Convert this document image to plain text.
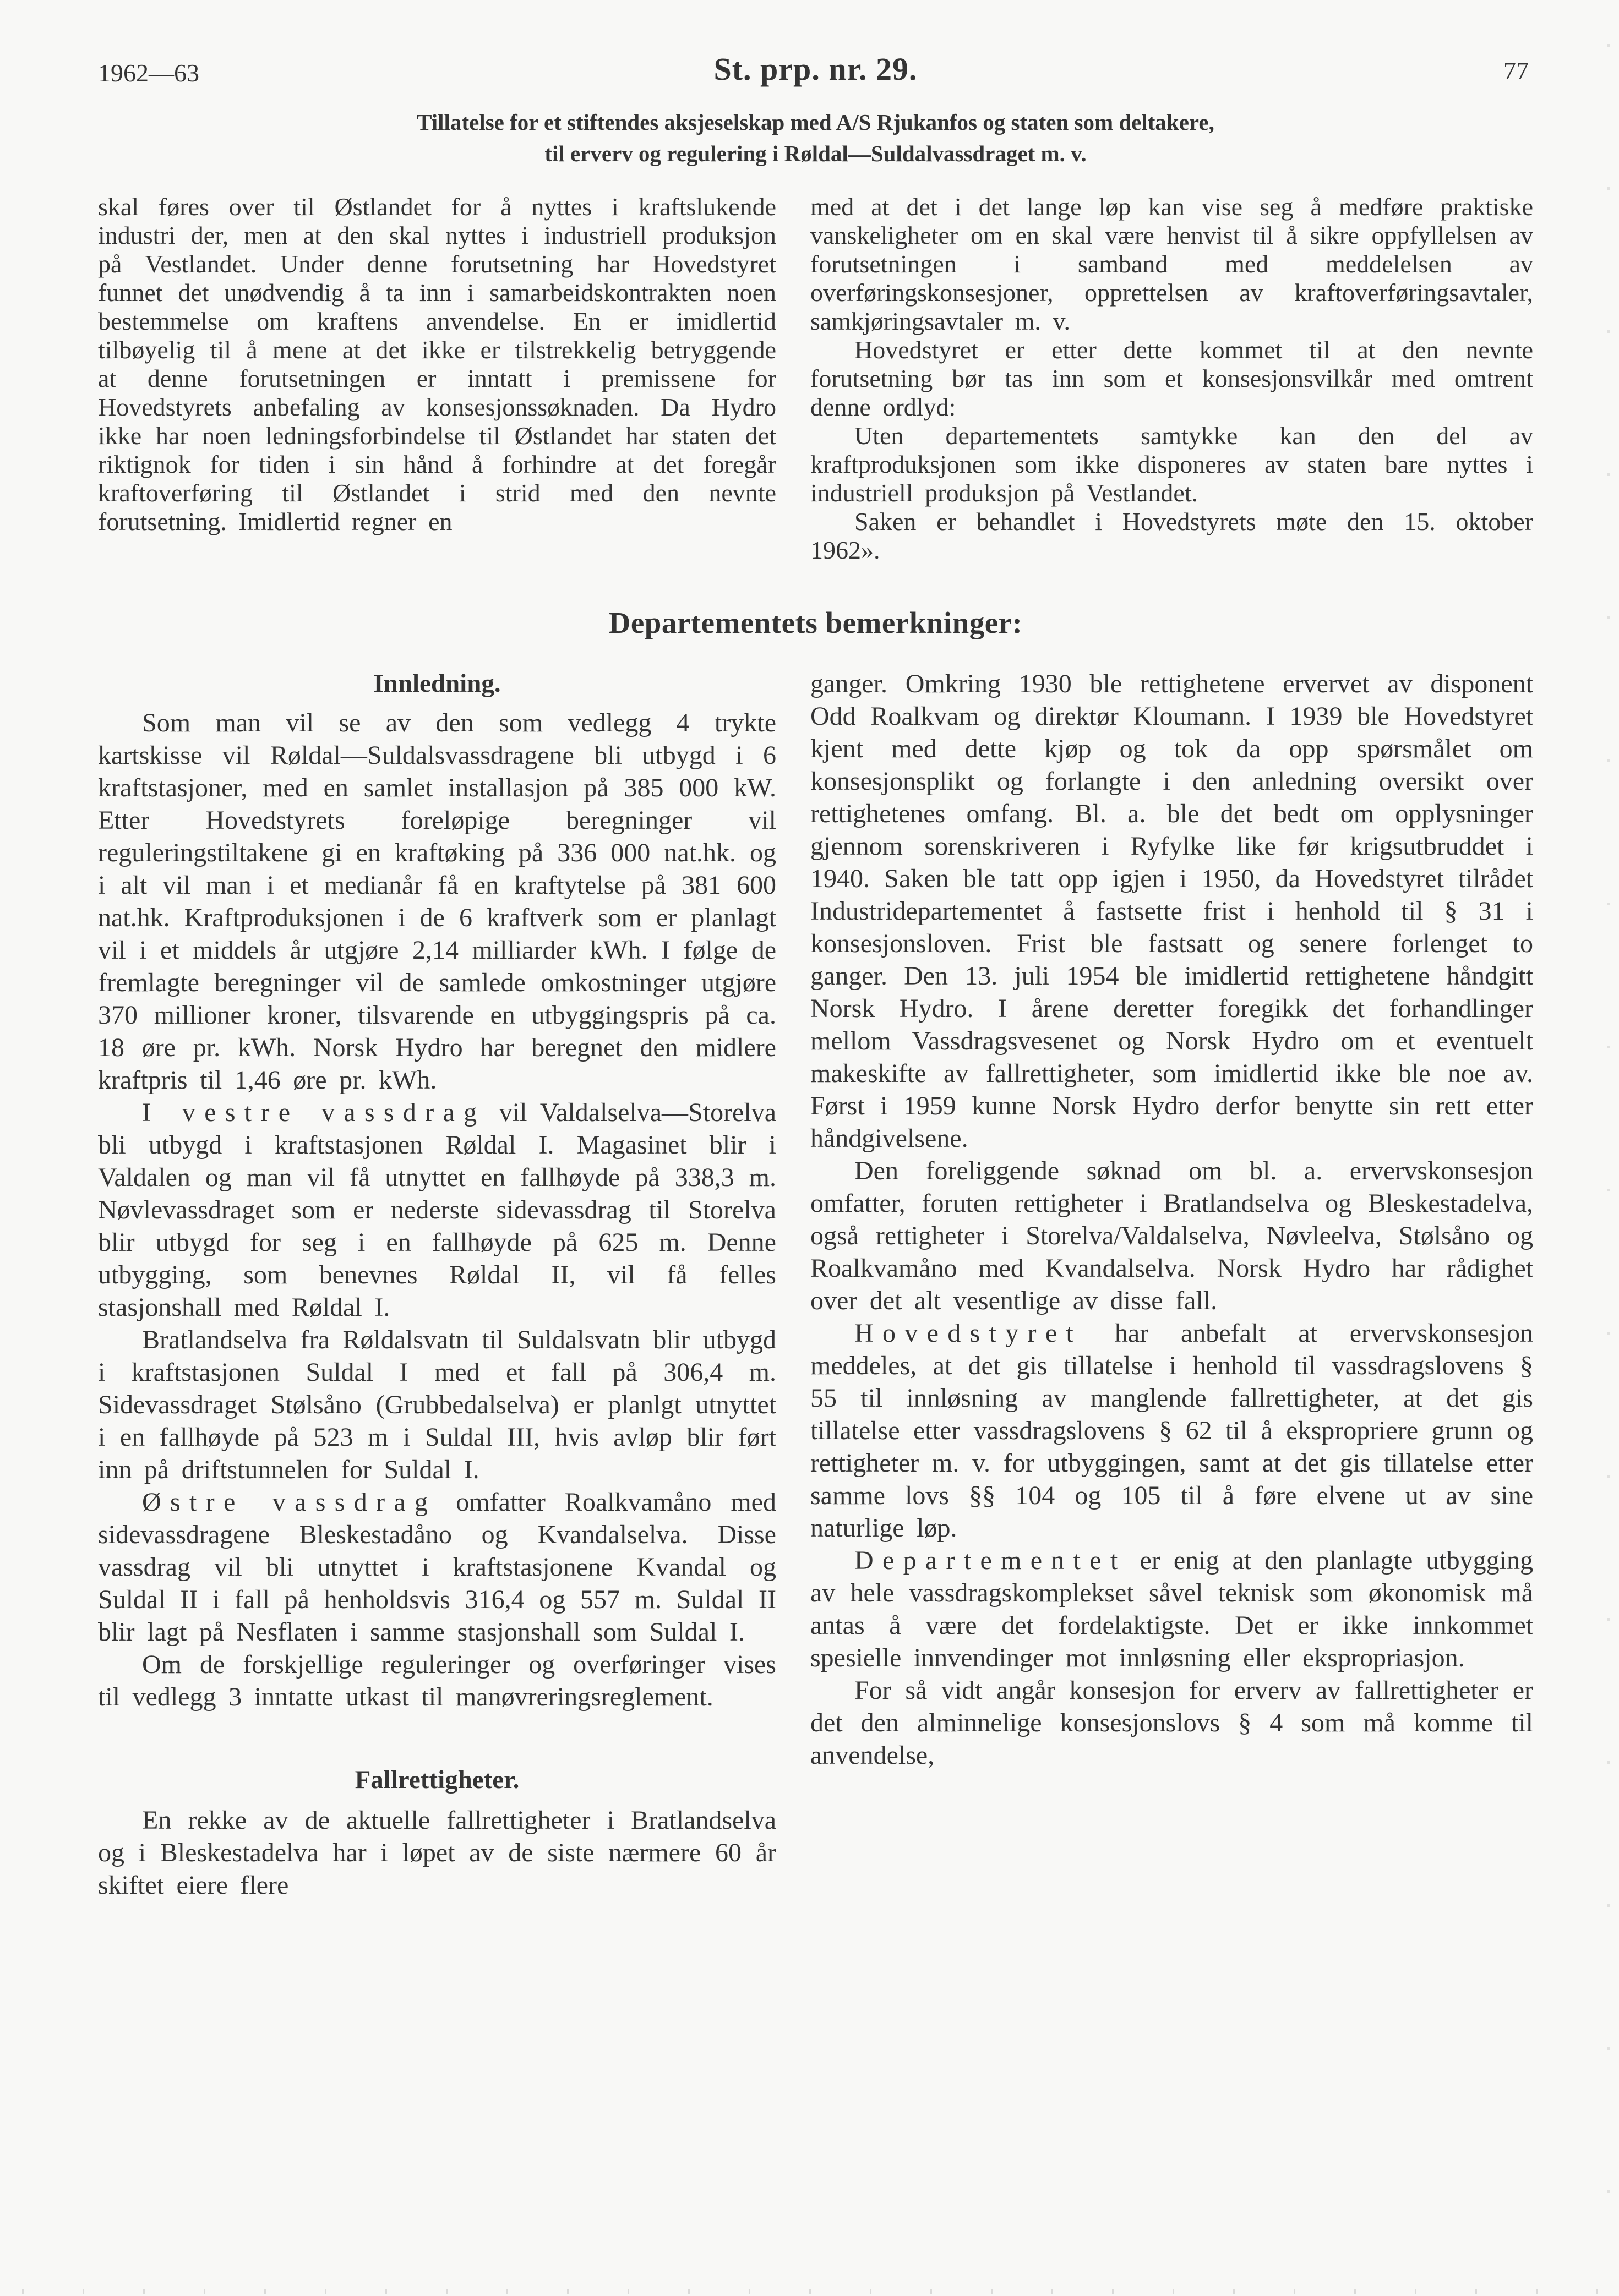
1962—63	St. prp. nr. 29.	77
Tillatelse for et stiftendes aksjeselskap med A/S Rjukanfos og staten som deltakere,
til erverv og regulering i Røldal—Suldalvassdraget m. v.

skal føres over til Østlandet for å nyttes i kraftslukende industri der, men at den skal nyttes i industriell produksjon på Vestlandet. Under denne forutsetning har Hovedstyret funnet det unødvendig å ta inn i samarbeidskontrakten noen bestemmelse om kraftens anvendelse. En er imidlertid tilbøyelig til å mene at det ikke er tilstrekkelig betryggende at denne forutsetningen er inntatt i premissene for Hovedstyrets anbefaling av konsesjonssøknaden. Da Hydro ikke har noen ledningsforbindelse til Østlandet har staten det riktignok for tiden i sin hånd å forhindre at det foregår kraftoverføring til Østlandet i strid med den nevnte forutsetning. Imidlertid regner en

med at det i det lange løp kan vise seg å medføre praktiske vanskeligheter om en skal være henvist til å sikre oppfyllelsen av forutsetningen i samband med meddelelsen av overføringskonsesjoner, opprettelsen av kraftoverføringsavtaler, samkjøringsavtaler m. v.

Hovedstyret er etter dette kommet til at den nevnte forutsetning bør tas inn som et konsesjonsvilkår med omtrent denne ordlyd:

Uten departementets samtykke kan den del av kraftproduksjonen som ikke disponeres av staten bare nyttes i industriell produksjon på Vestlandet.

Saken er behandlet i Hovedstyrets møte den 15. oktober 1962».

Departementets bemerkninger:
Innledning.

Som man vil se av den som vedlegg 4 trykte kartskisse vil Røldal—Suldalsvassdragene bli utbygd i 6 kraftstasjoner, med en samlet installasjon på 385 000 kW. Etter Hovedstyrets foreløpige beregninger vil reguleringstiltakene gi en kraftøking på 336 000 nat.hk. og i alt vil man i et medianår få en kraftytelse på 381 600 nat.hk. Kraftproduksjonen i de 6 kraftverk som er planlagt vil i et middels år utgjøre 2,14 milliarder kWh. I følge de fremlagte beregninger vil de samlede omkostninger utgjøre 370 millioner kroner, tilsvarende en utbyggingspris på ca. 18 øre pr. kWh. Norsk Hydro har beregnet den midlere kraftpris til 1,46 øre pr. kWh.

I vestre vassdrag vil Valdalselva—Storelva bli utbygd i kraftstasjonen Røldal I. Magasinet blir i Valdalen og man vil få utnyttet en fallhøyde på 338,3 m. Nøvlevassdraget som er nederste sidevassdrag til Storelva blir utbygd for seg i en fallhøyde på 625 m. Denne utbygging, som benevnes Røldal II, vil få felles stasjonshall med Røldal I.

Bratlandselva fra Røldalsvatn til Suldalsvatn blir utbygd i kraftstasjonen Suldal I med et fall på 306,4 m. Sidevassdraget Stølsåno (Grubbedalselva) er planlgt utnyttet i en fallhøyde på 523 m i Suldal III, hvis avløp blir ført inn på driftstunnelen for Suldal I.

Østre vassdrag omfatter Roalkvamåno med sidevassdragene Bleskestadåno og Kvandalselva. Disse vassdrag vil bli utnyttet i kraftstasjonene Kvandal og Suldal II i fall på henholdsvis 316,4 og 557 m. Suldal II blir lagt på Nesflaten i samme stasjonshall som Suldal I.

Om de forskjellige reguleringer og overføringer vises til vedlegg 3 inntatte utkast til manøvreringsreglement.

Fallrettigheter.

En rekke av de aktuelle fallrettigheter i Bratlandselva og i Bleskestadelva har i løpet av de siste nærmere 60 år skiftet eiere flere

ganger. Omkring 1930 ble rettighetene ervervet av disponent Odd Roalkvam og direktør Kloumann. I 1939 ble Hovedstyret kjent med dette kjøp og tok da opp spørsmålet om konsesjonsplikt og forlangte i den anledning oversikt over rettighetenes omfang. Bl. a. ble det bedt om opplysninger gjennom sorenskriveren i Ryfylke like før krigsutbruddet i 1940. Saken ble tatt opp igjen i 1950, da Hovedstyret tilrådet Industridepartementet å fastsette frist i henhold til § 31 i konsesjonsloven. Frist ble fastsatt og senere forlenget to ganger. Den 13. juli 1954 ble imidlertid rettighetene håndgitt Norsk Hydro. I årene deretter foregikk det forhandlinger mellom Vassdragsvesenet og Norsk Hydro om et eventuelt makeskifte av fallrettigheter, som imidlertid ikke ble noe av. Først i 1959 kunne Norsk Hydro derfor benytte sin rett etter håndgivelsene.

Den foreliggende søknad om bl. a. ervervskonsesjon omfatter, foruten rettigheter i Bratlandselva og Bleskestadelva, også rettigheter i Storelva/Valdalselva, Nøvleelva, Stølsåno og Roalkvamåno med Kvandalselva. Norsk Hydro har rådighet over det alt vesentlige av disse fall.

Hovedstyret har anbefalt at ervervskonsesjon meddeles, at det gis tillatelse i henhold til vassdragslovens § 55 til innløsning av manglende fallrettigheter, at det gis tillatelse etter vassdragslovens § 62 til å ekspropriere grunn og rettigheter m. v. for utbyggingen, samt at det gis tillatelse etter samme lovs §§ 104 og 105 til å føre elvene ut av sine naturlige løp.

Departementet er enig at den planlagte utbygging av hele vassdragskomplekset såvel teknisk som økonomisk må antas å være det fordelaktigste. Det er ikke innkommet spesielle innvendinger mot innløsning eller ekspropriasjon.

For så vidt angår konsesjon for erverv av fallrettigheter er det den alminnelige konsesjonslovs § 4 som må komme til anvendelse,
